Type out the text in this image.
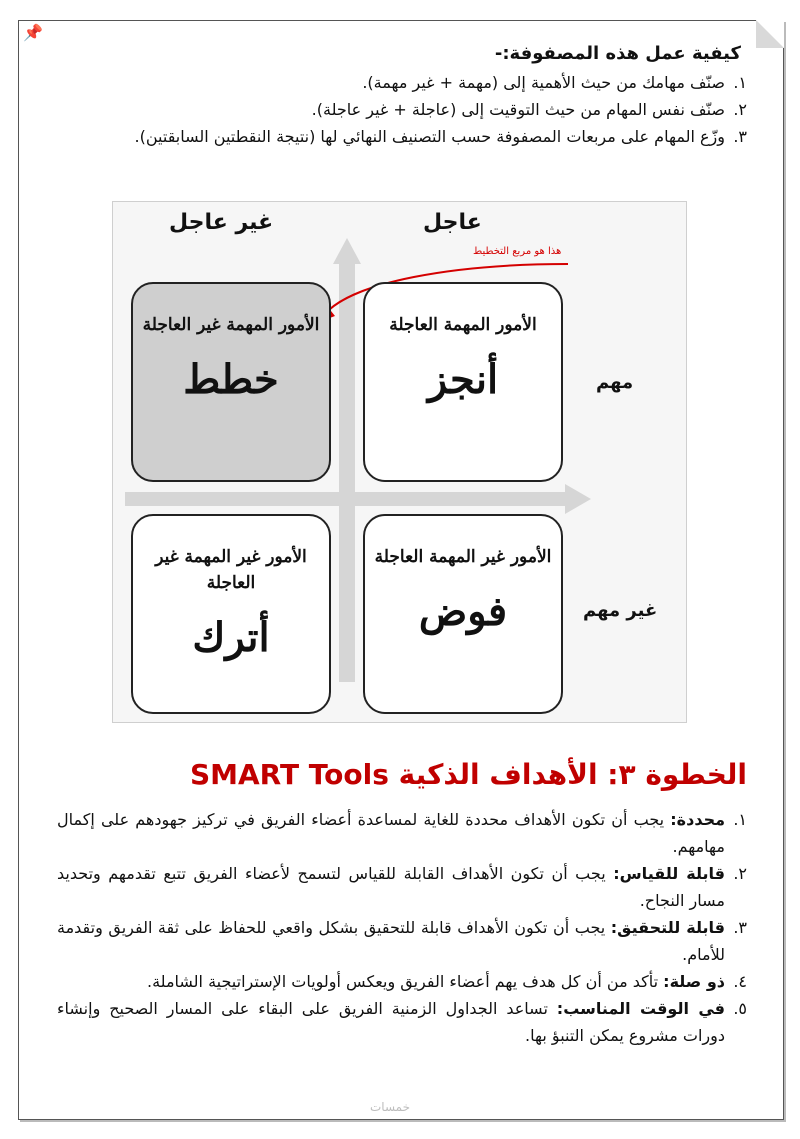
📌
كيفية عمل هذه المصفوفة:-
١.
صنّف مهامك من حيث الأهمية إلى (مهمة + غير مهمة).
٢.
صنّف نفس المهام من حيث التوقيت إلى (عاجلة + غير عاجلة).
٣.
وزّع المهام على مربعات المصفوفة حسب التصنيف النهائي لها (نتيجة النقطتين السابقتين).
غير عاجل	عاجل
هذا هو مربع التخطيط
الأمور المهمة غير العاجلة
خطط
الأمور المهمة العاجلة
أنجز
الأمور غير المهمة غير العاجلة
أترك
الأمور غير المهمة العاجلة
فوض
مهم
غير مهم
الخطوة ٣: الأهداف الذكية SMART Tools
١.
محددة: يجب أن تكون الأهداف محددة للغاية لمساعدة أعضاء الفريق في تركيز جهودهم على إكمال مهامهم.
٢.
قابلة للقياس: يجب أن تكون الأهداف القابلة للقياس لتسمح لأعضاء الفريق تتبع تقدمهم وتحديد مسار النجاح.
٣.
قابلة للتحقيق: يجب أن تكون الأهداف قابلة للتحقيق بشكل واقعي للحفاظ على ثقة الفريق وتقدمة للأمام.
٤.
ذو صلة: تأكد من أن كل هدف يهم أعضاء الفريق ويعكس أولويات الإستراتيجية الشاملة.
٥.
في الوقت المناسب: تساعد الجداول الزمنية الفريق على البقاء على المسار الصحيح وإنشاء دورات مشروع يمكن التنبؤ بها.
خمسات
